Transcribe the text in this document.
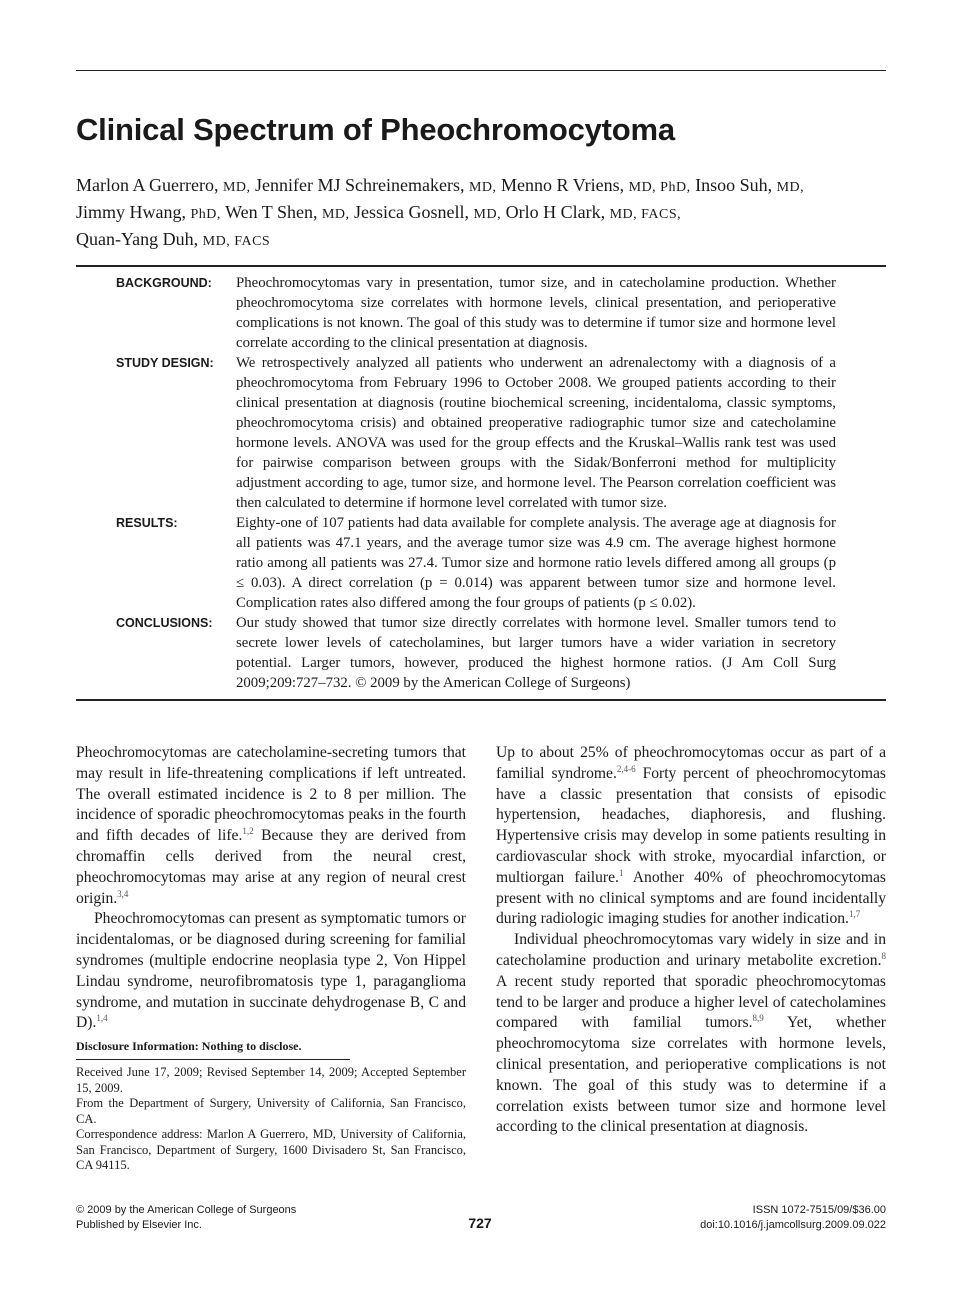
Clinical Spectrum of Pheochromocytoma
Marlon A Guerrero, MD, Jennifer MJ Schreinemakers, MD, Menno R Vriens, MD, PhD, Insoo Suh, MD,
Jimmy Hwang, PhD, Wen T Shen, MD, Jessica Gosnell, MD, Orlo H Clark, MD, FACS,
Quan-Yang Duh, MD, FACS
BACKGROUND:	Pheochromocytomas vary in presentation, tumor size, and in catecholamine production. Whether pheochromocytoma size correlates with hormone levels, clinical presentation, and perioperative complications is not known. The goal of this study was to determine if tumor size and hormone level correlate according to the clinical presentation at diagnosis.
STUDY DESIGN:	We retrospectively analyzed all patients who underwent an adrenalectomy with a diagnosis of a pheochromocytoma from February 1996 to October 2008. We grouped patients according to their clinical presentation at diagnosis (routine biochemical screening, incidentaloma, classic symptoms, pheochromocytoma crisis) and obtained preoperative radiographic tumor size and catecholamine hormone levels. ANOVA was used for the group effects and the Kruskal–Wallis rank test was used for pairwise comparison between groups with the Sidak/Bonferroni method for multiplicity adjustment according to age, tumor size, and hormone level. The Pearson correlation coefficient was then calculated to determine if hormone level correlated with tumor size.
RESULTS:	Eighty-one of 107 patients had data available for complete analysis. The average age at diagnosis for all patients was 47.1 years, and the average tumor size was 4.9 cm. The average highest hormone ratio among all patients was 27.4. Tumor size and hormone ratio levels differed among all groups (p ≤ 0.03). A direct correlation (p = 0.014) was apparent between tumor size and hormone level. Complication rates also differed among the four groups of patients (p ≤ 0.02).
CONCLUSIONS:	Our study showed that tumor size directly correlates with hormone level. Smaller tumors tend to secrete lower levels of catecholamines, but larger tumors have a wider variation in secretory potential. Larger tumors, however, produced the highest hormone ratios. (J Am Coll Surg 2009;209:727–732. © 2009 by the American College of Surgeons)

Pheochromocytomas are catecholamine-secreting tumors that may result in life-threatening complications if left untreated. The overall estimated incidence is 2 to 8 per million. The incidence of sporadic pheochromocytomas peaks in the fourth and fifth decades of life.$^{1,2}$ Because they are derived from chromaffin cells derived from the neural crest, pheochromocytomas may arise at any region of neural crest origin.$^{3,4}$

Pheochromocytomas can present as symptomatic tumors or incidentalomas, or be diagnosed during screening for familial syndromes (multiple endocrine neoplasia type 2, Von Hippel Lindau syndrome, neurofibromatosis type 1, paraganglioma syndrome, and mutation in succinate dehydrogenase B, C and D).$^{1,4}$

Up to about 25% of pheochromocytomas occur as part of a familial syndrome.$^{2,4-6}$ Forty percent of pheochromocytomas have a classic presentation that consists of episodic hypertension, headaches, diaphoresis, and flushing. Hypertensive crisis may develop in some patients resulting in cardiovascular shock with stroke, myocardial infarction, or multiorgan failure.$^1$ Another 40% of pheochromocytomas present with no clinical symptoms and are found incidentally during radiologic imaging studies for another indication.$^{1,7}$

Individual pheochromocytomas vary widely in size and in catecholamine production and urinary metabolite excretion.$^8$ A recent study reported that sporadic pheochromocytomas tend to be larger and produce a higher level of catecholamines compared with familial tumors.$^{8,9}$ Yet, whether pheochromocytoma size correlates with hormone levels, clinical presentation, and perioperative complications is not known. The goal of this study was to determine if a correlation exists between tumor size and hormone level according to the clinical presentation at diagnosis.

Disclosure Information: Nothing to disclose.

Received June 17, 2009; Revised September 14, 2009; Accepted September 15, 2009.

From the Department of Surgery, University of California, San Francisco, CA.

Correspondence address: Marlon A Guerrero, MD, University of California, San Francisco, Department of Surgery, 1600 Divisadero St, San Francisco, CA 94115.

© 2009 by the American College of Surgeons
Published by Elsevier Inc.	727
ISSN 1072-7515/09/$36.00
doi:10.1016/j.jamcollsurg.2009.09.022
